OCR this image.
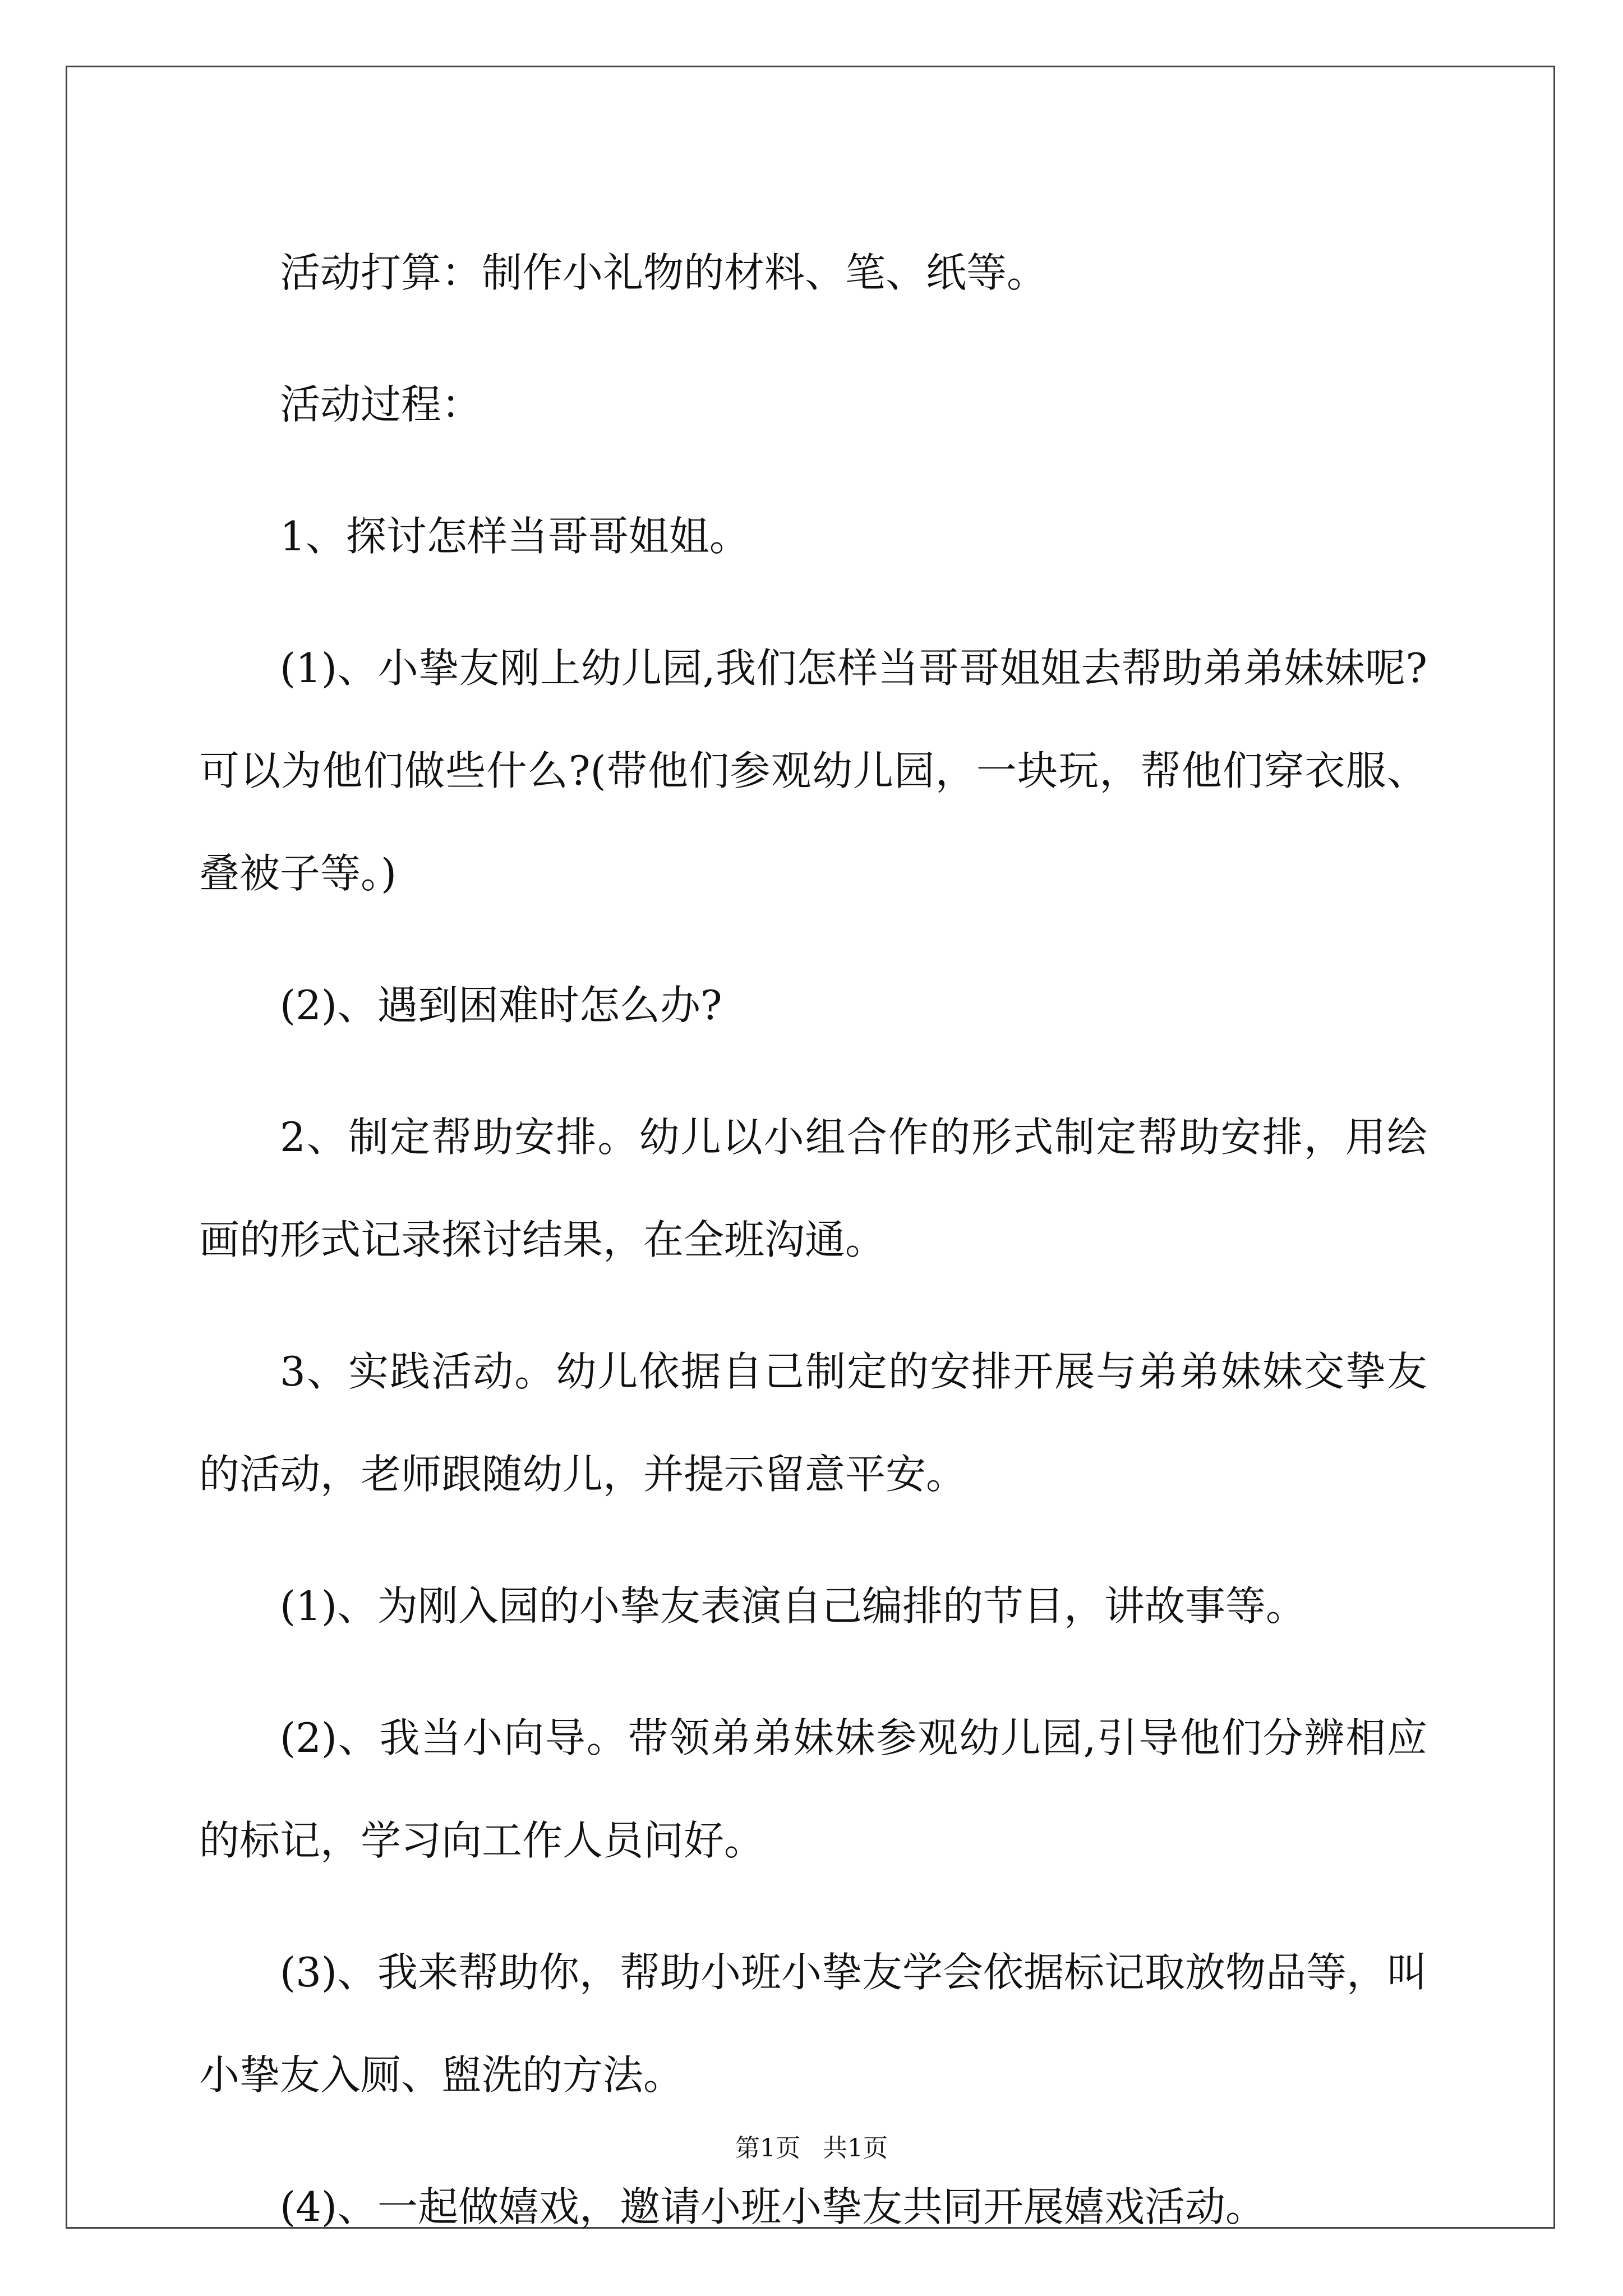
活动打算：制作小礼物的材料、笔、纸等。

活动过程：

1、探讨怎样当哥哥姐姐。

(1)、小挚友刚上幼儿园,我们怎样当哥哥姐姐去帮助弟弟妹妹呢?可以为他们做些什么?(带他们参观幼儿园，一块玩，帮他们穿衣服、叠被子等。)

(2)、遇到困难时怎么办?

2、制定帮助安排。幼儿以小组合作的形式制定帮助安排，用绘画的形式记录探讨结果，在全班沟通。

3、实践活动。幼儿依据自己制定的安排开展与弟弟妹妹交挚友的活动，老师跟随幼儿，并提示留意平安。

(1)、为刚入园的小挚友表演自己编排的节目，讲故事等。

(2)、我当小向导。带领弟弟妹妹参观幼儿园,引导他们分辨相应的标记，学习向工作人员问好。

(3)、我来帮助你，帮助小班小挚友学会依据标记取放物品等，叫小挚友入厕、盥洗的方法。

(4)、一起做嬉戏，邀请小班小挚友共同开展嬉戏活动。

第1页 共1页
